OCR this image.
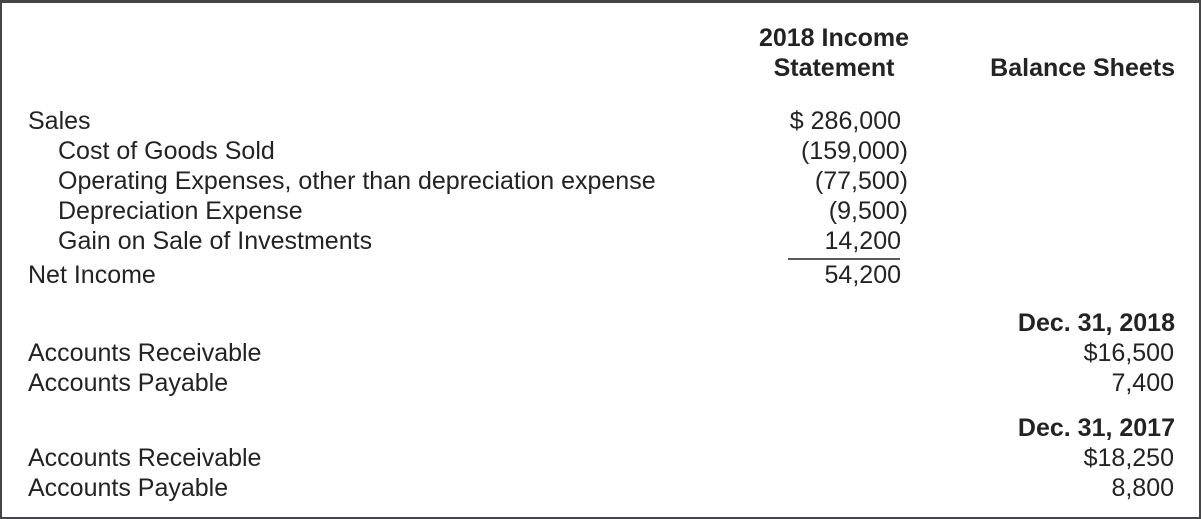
2018 Income Statement	Balance Sheets
Sales	$ 286,000
Cost of Goods Sold	(159,000)
Operating Expenses, other than depreciation expense	(77,500)
Depreciation Expense	(9,500)
Gain on Sale of Investments	14,200
Net Income	54,200
Dec. 31, 2018
Accounts Receivable	$16,500
Accounts Payable	7,400
Dec. 31, 2017
Accounts Receivable	$18,250
Accounts Payable	8,800
